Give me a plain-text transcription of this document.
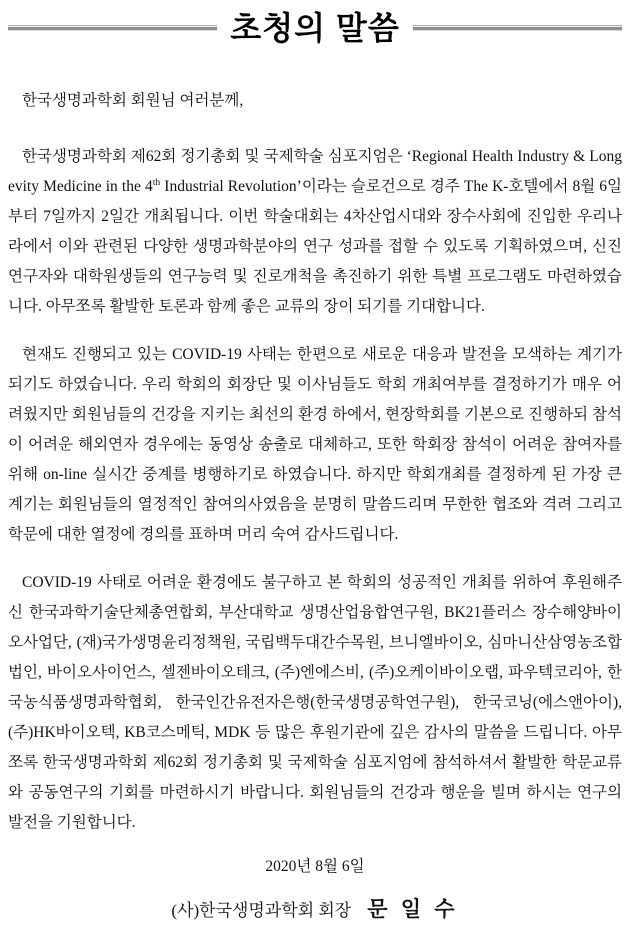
초청의 말씀

한국생명과학회 회원님 여러분께,

한국생명과학회 제62회 정기총회 및 국제학술 심포지엄은 ‘Regional Health Industry & Longevity Medicine in the 4th Industrial Revolution’이라는 슬로건으로 경주 The K-호텔에서 8월 6일부터 7일까지 2일간 개최됩니다. 이번 학술대회는 4차산업시대와 장수사회에 진입한 우리나라에서 이와 관련된 다양한 생명과학분야의 연구 성과를 접할 수 있도록 기획하였으며, 신진연구자와 대학원생들의 연구능력 및 진로개척을 촉진하기 위한 특별 프로그램도 마련하였습니다. 아무쪼록 활발한 토론과 함께 좋은 교류의 장이 되기를 기대합니다.

현재도 진행되고 있는 COVID-19 사태는 한편으로 새로운 대응과 발전을 모색하는 계기가 되기도 하였습니다. 우리 학회의 회장단 및 이사님들도 학회 개최여부를 결정하기가 매우 어려웠지만 회원님들의 건강을 지키는 최선의 환경 하에서, 현장학회를 기본으로 진행하되 참석이 어려운 해외연자 경우에는 동영상 송출로 대체하고, 또한 학회장 참석이 어려운 참여자를 위해 on-line 실시간 중계를 병행하기로 하였습니다. 하지만 학회개최를 결정하게 된 가장 큰 계기는 회원님들의 열정적인 참여의사였음을 분명히 말씀드리며 무한한 협조와 격려 그리고 학문에 대한 열정에 경의를 표하며 머리 숙여 감사드립니다.

COVID-19 사태로 어려운 환경에도 불구하고 본 학회의 성공적인 개최를 위하여 후원해주신 한국과학기술단체총연합회, 부산대학교 생명산업융합연구원, BK21플러스 장수해양바이오사업단, (재)국가생명윤리정책원, 국립백두대간수목원, 브니엘바이오, 심마니산삼영농조합법인, 바이오사이언스, 셀젠바이오테크, (주)엔에스비, (주)오케이바이오랩, 파우텍코리아, 한국농식품생명과학협회, 한국인간유전자은행(한국생명공학연구원), 한국코닝(에스앤아이), (주)HK바이오텍, KB코스메틱, MDK 등 많은 후원기관에 깊은 감사의 말씀을 드립니다. 아무쪼록 한국생명과학회 제62회 정기총회 및 국제학술 심포지엄에 참석하셔서 활발한 학문교류와 공동연구의 기회를 마련하시기 바랍니다. 회원님들의 건강과 행운을 빌며 하시는 연구의 발전을 기원합니다.

2020년 8월 6일

(사)한국생명과학회 회장 문 일 수
